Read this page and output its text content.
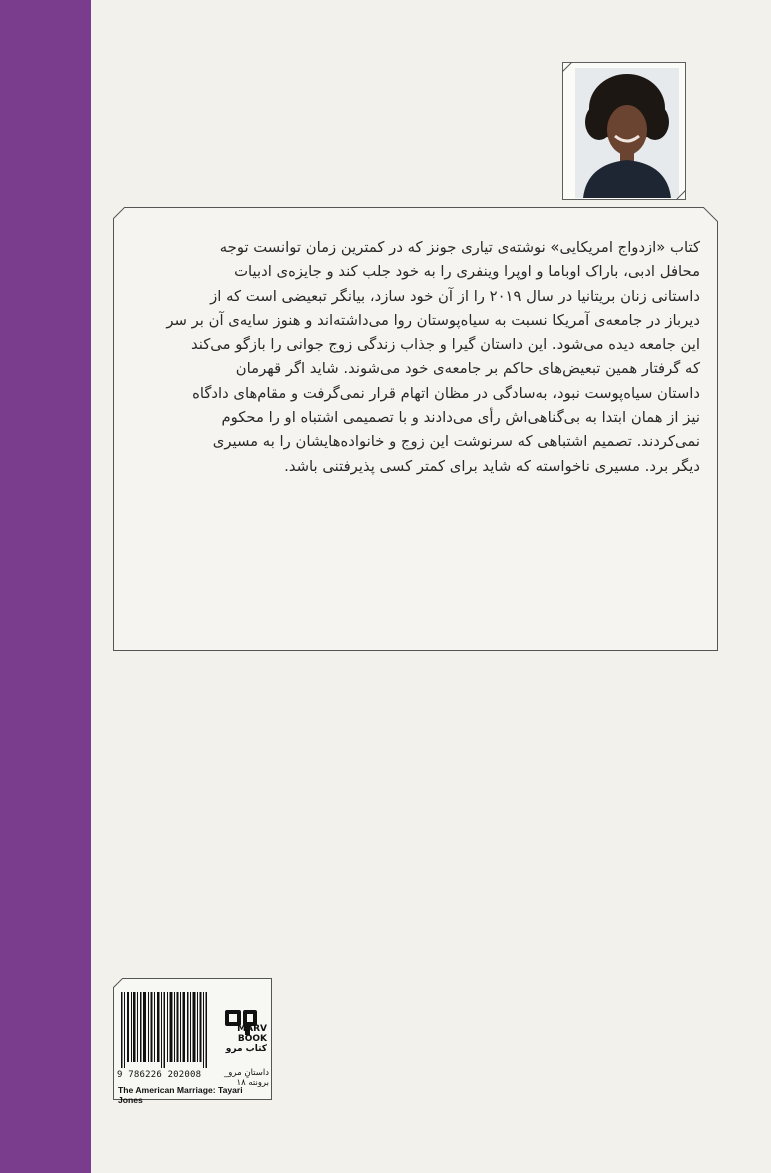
کتاب «ازدواج امریکایی» نوشته‌ی تیاری جونز که در کمترین زمان توانست توجه
محافل ادبی، باراک اوباما و اوپرا وینفری را به خود جلب کند و جایزه‌ی ادبیات
داستانی زنان بریتانیا در سال ۲۰۱۹ را از آن خود سازد، بیانگر تبعیضی است که از
دیرباز در جامعه‌ی آمریکا نسبت به سیاه‌پوستان روا می‌داشته‌اند و هنوز سایه‌ی آن بر سر
این جامعه دیده می‌شود. این داستان گیرا و جذاب زندگی زوج جوانی را بازگو می‌کند
که گرفتار همین تبعیض‌های حاکم بر جامعه‌ی خود می‌شوند. شاید اگر قهرمان
داستان سیاه‌پوست نبود، به‌سادگی در مظان اتهام قرار نمی‌گرفت و مقام‌های دادگاه
نیز از همان ابتدا به بی‌گناهی‌اش رأی می‌دادند و با تصمیمی اشتباه او را محکوم
نمی‌کردند. تصمیم اشتباهی که سرنوشت این زوج و خانواده‌هایشان را به مسیری
دیگر برد. مسیری ناخواسته که شاید برای کمتر کسی پذیرفتنی باشد.
9 786226 202008
MARV BOOK
کتاب مرو
داستانِ مرو_ برونته ۱۸
The American Marriage: Tayari Jones
